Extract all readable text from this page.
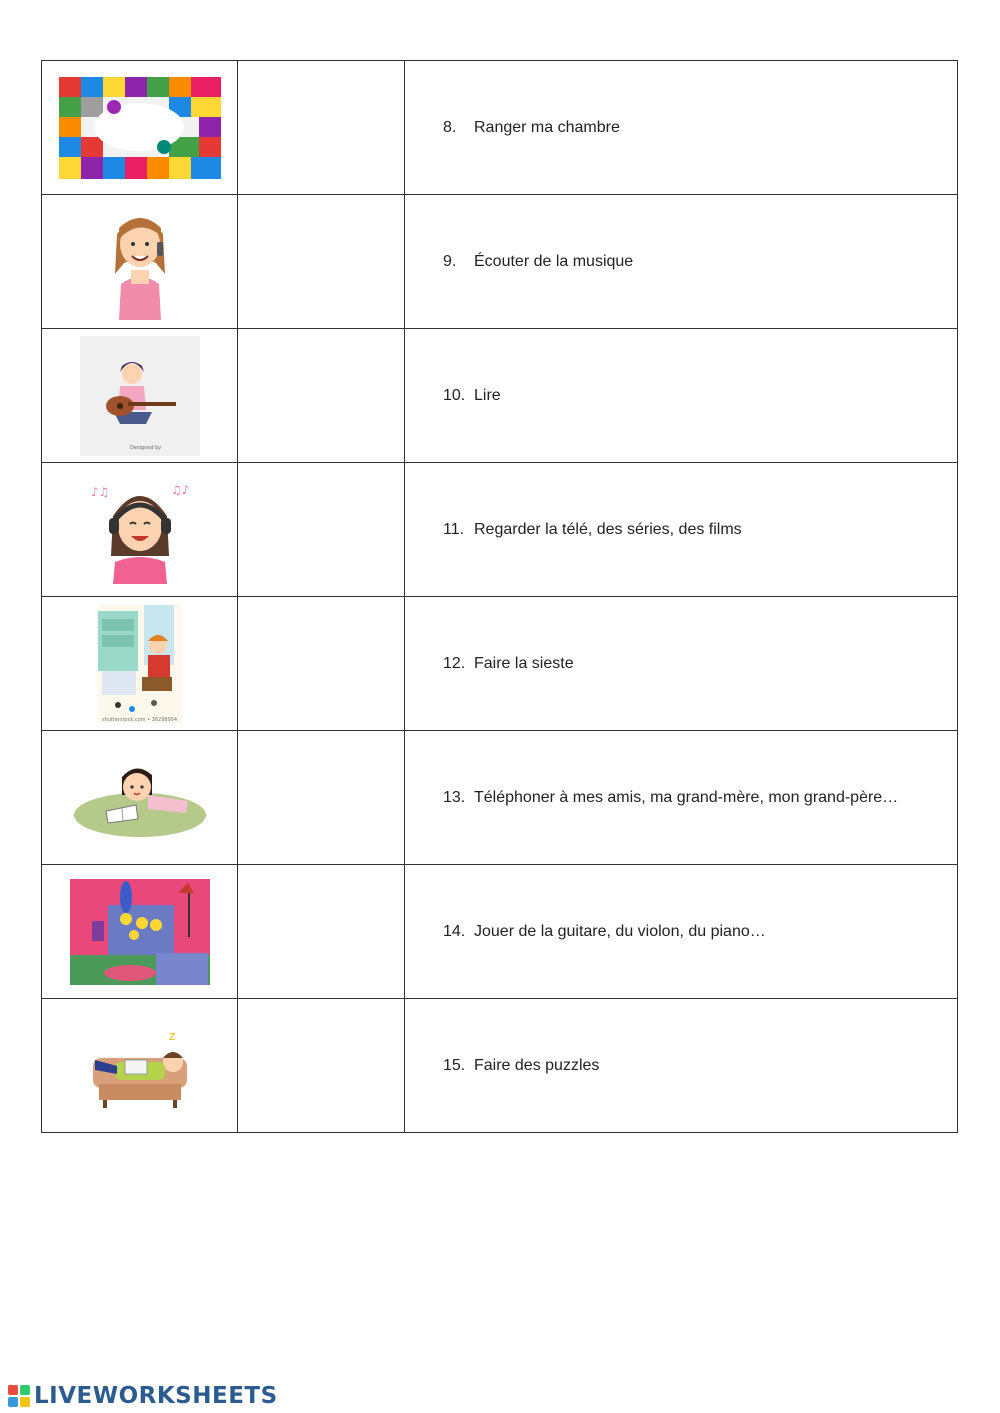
		8. Ranger ma chambre

		9. Écouter de la musique

Designed by		10. Lire

♪♫ ♫♪		11. Regarder la télé, des séries, des films

shutterstock.com • 36298954		12. Faire la sieste

		13. Téléphoner à mes amis, ma grand-mère, mon grand-père…

		14. Jouer de la guitare, du violon, du piano…

z		15. Faire des puzzles
LIVEWORKSHEETS
